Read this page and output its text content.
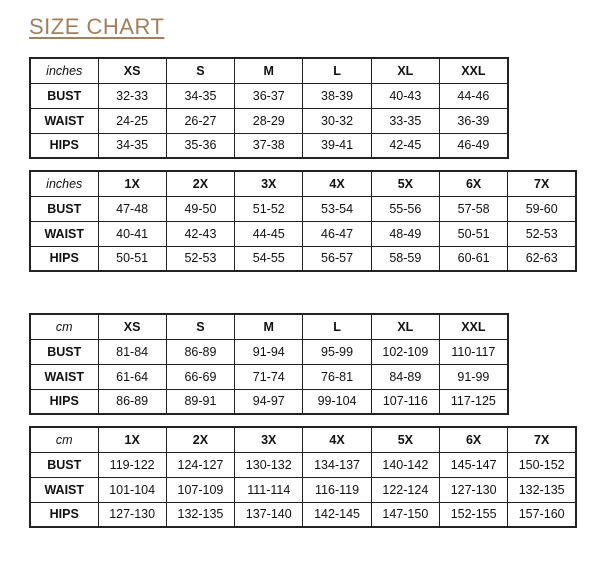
SIZE CHART
inches	XS	S	M	L	XL	XXL
BUST	32-33	34-35	36-37	38-39	40-43	44-46
WAIST	24-25	26-27	28-29	30-32	33-35	36-39
HIPS	34-35	35-36	37-38	39-41	42-45	46-49
inches	1X	2X	3X	4X	5X	6X	7X
BUST	47-48	49-50	51-52	53-54	55-56	57-58	59-60
WAIST	40-41	42-43	44-45	46-47	48-49	50-51	52-53
HIPS	50-51	52-53	54-55	56-57	58-59	60-61	62-63
cm	XS	S	M	L	XL	XXL
BUST	81-84	86-89	91-94	95-99	102-109	110-117
WAIST	61-64	66-69	71-74	76-81	84-89	91-99
HIPS	86-89	89-91	94-97	99-104	107-116	117-125
cm	1X	2X	3X	4X	5X	6X	7X
BUST	119-122	124-127	130-132	134-137	140-142	145-147	150-152
WAIST	101-104	107-109	111-114	116-119	122-124	127-130	132-135
HIPS	127-130	132-135	137-140	142-145	147-150	152-155	157-160
